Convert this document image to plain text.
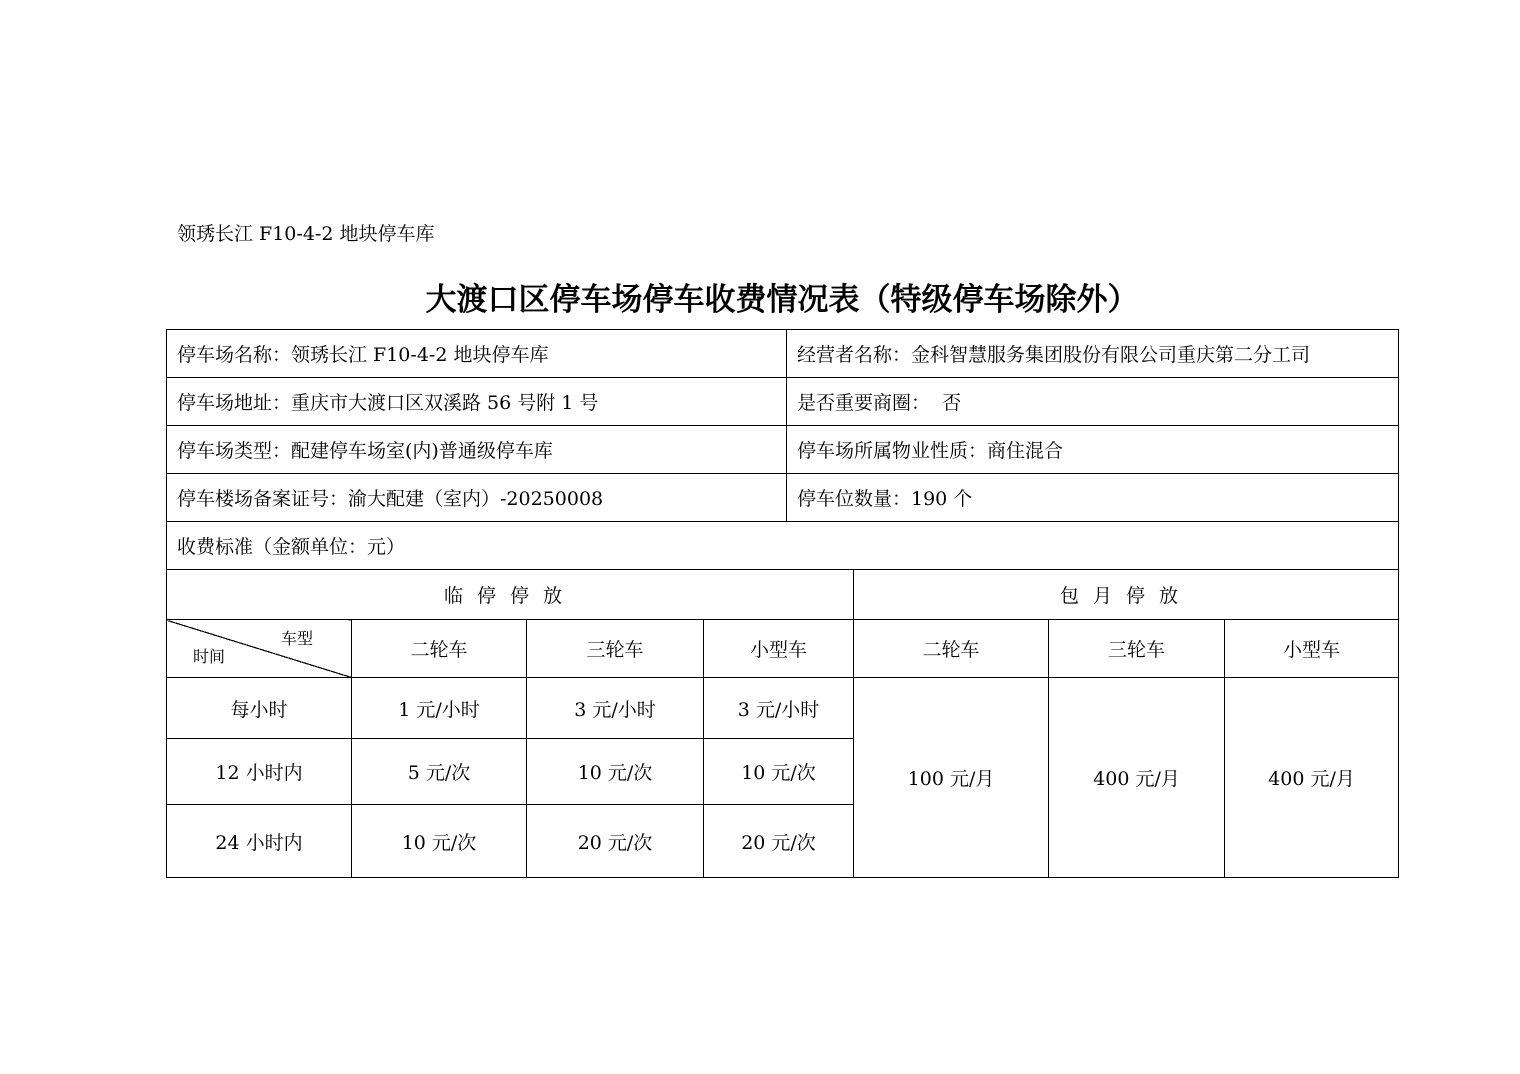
领琇长江 F10-4-2 地块停车库
大渡口区停车场停车收费情况表（特级停车场除外）
停车场名称：领琇长江 F10-4-2 地块停车库	经营者名称：金科智慧服务集团股份有限公司重庆第二分工司
停车场地址：重庆市大渡口区双溪路 56 号附 1 号	是否重要商圈：  否
停车场类型：配建停车场室(内)普通级停车库	停车场所属物业性质：商住混合
停车楼场备案证号：渝大配建（室内）-20250008	停车位数量：190 个
收费标准（金额单位：元）	
临停停放				包月停放		

车型
时间	二轮车	三轮车	小型车	二轮车	三轮车	小型车
每小时	1 元/小时	3 元/小时	3 元/小时	100 元/月	400 元/月	400 元/月
12 小时内	5 元/次	10 元/次	10 元/次			
24 小时内	10 元/次	20 元/次	20 元/次			
